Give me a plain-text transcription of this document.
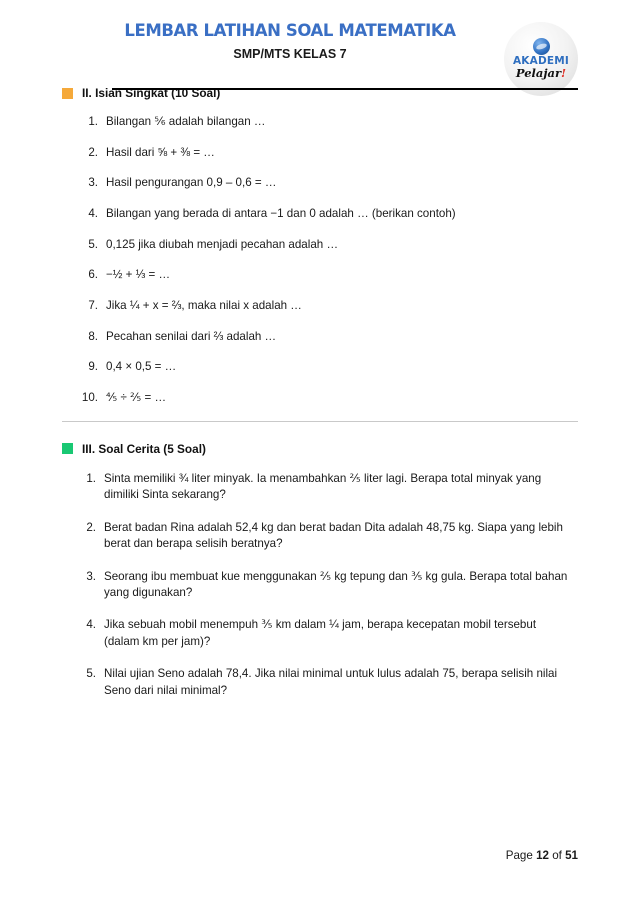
LEMBAR LATIHAN SOAL MATEMATIKA
SMP/MTS KELAS 7
AKADEMI
Pelajar!
II. Isian Singkat (10 Soal)
1. Bilangan ⅚ adalah bilangan …
2. Hasil dari ⅝ + ⅜ = …
3. Hasil pengurangan 0,9 – 0,6 = …
4. Bilangan yang berada di antara −1 dan 0 adalah … (berikan contoh)
5. 0,125 jika diubah menjadi pecahan adalah …
6. −½ + ⅓ = …
7. Jika ¼ + x = ⅔, maka nilai x adalah …
8. Pecahan senilai dari ⅔ adalah …
9. 0,4 × 0,5 = …
10. ⅘ ÷ ⅖ = …
III. Soal Cerita (5 Soal)
1. Sinta memiliki ¾ liter minyak. Ia menambahkan ⅖ liter lagi. Berapa total minyak yang dimiliki Sinta sekarang?
2. Berat badan Rina adalah 52,4 kg dan berat badan Dita adalah 48,75 kg. Siapa yang lebih berat dan berapa selisih beratnya?
3. Seorang ibu membuat kue menggunakan ⅖ kg tepung dan ⅗ kg gula. Berapa total bahan yang digunakan?
4. Jika sebuah mobil menempuh ⅗ km dalam ¼ jam, berapa kecepatan mobil tersebut (dalam km per jam)?
5. Nilai ujian Seno adalah 78,4. Jika nilai minimal untuk lulus adalah 75, berapa selisih nilai Seno dari nilai minimal?
Page 12 of 51
